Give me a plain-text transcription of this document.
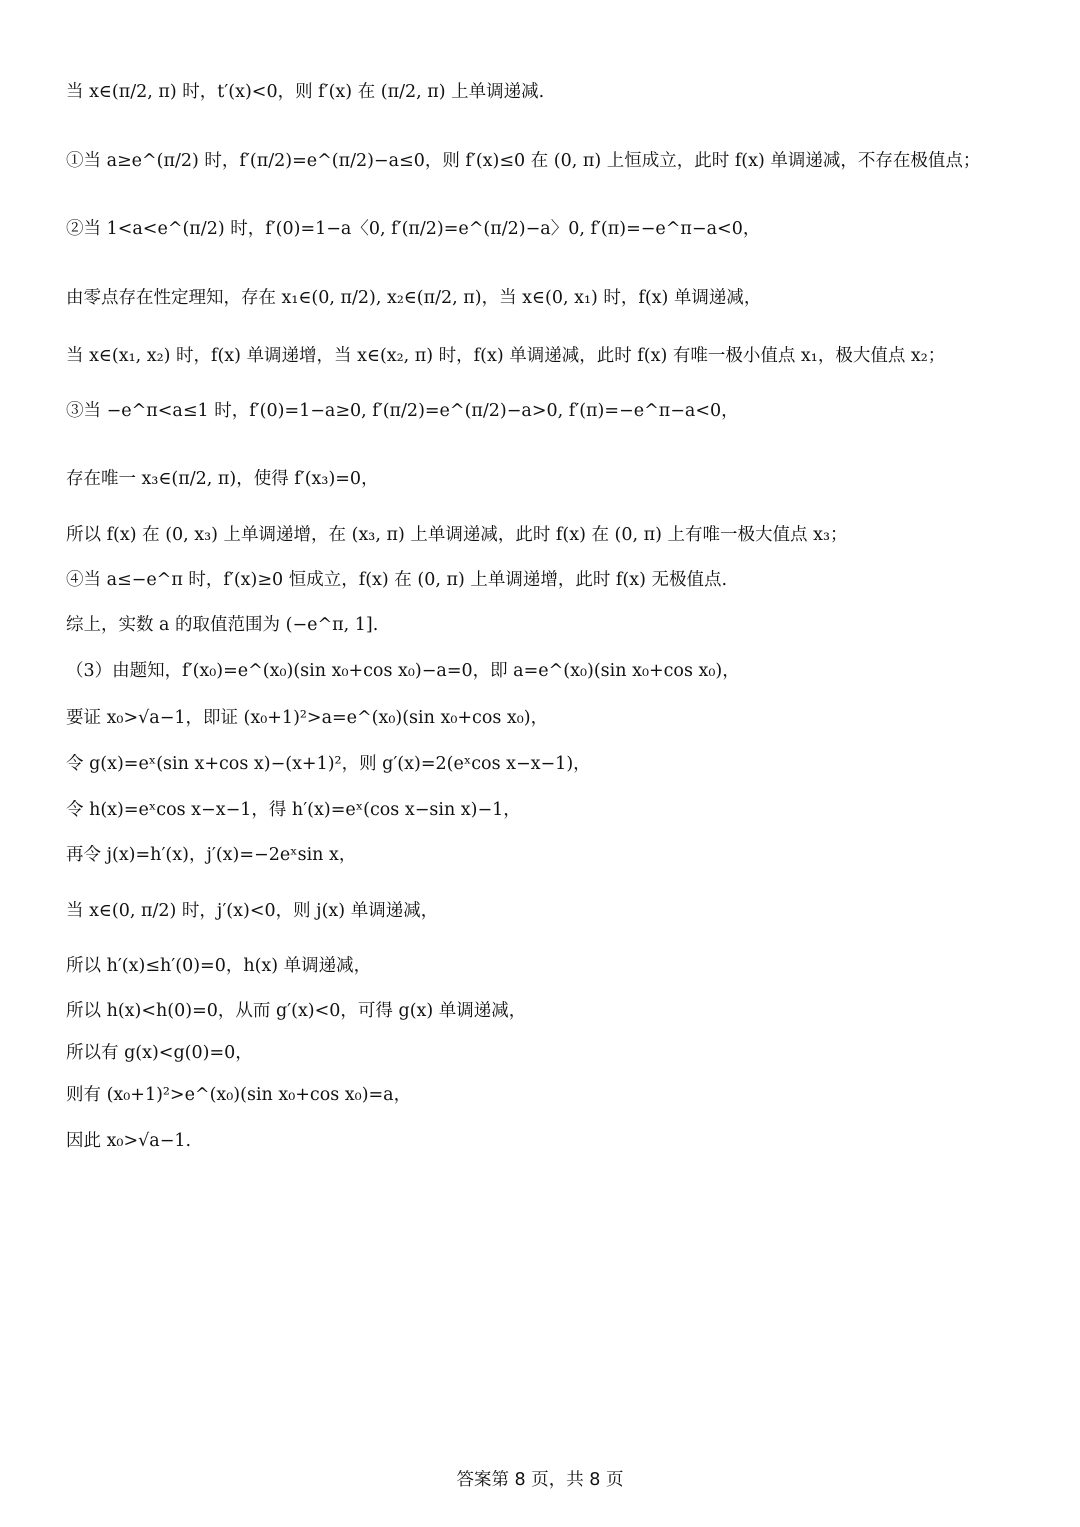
当 x∈(π/2, π) 时，t′(x)<0，则 f′(x) 在 (π/2, π) 上单调递减.
①当 a≥e^(π/2) 时，f′(π/2)=e^(π/2)−a≤0，则 f′(x)≤0 在 (0, π) 上恒成立，此时 f(x) 单调递减，不存在极值点；
②当 1<a<e^(π/2) 时，f′(0)=1−a〈0, f′(π/2)=e^(π/2)−a〉0, f′(π)=−e^π−a<0，
由零点存在性定理知，存在 x₁∈(0, π/2), x₂∈(π/2, π)，当 x∈(0, x₁) 时，f(x) 单调递减，
当 x∈(x₁, x₂) 时，f(x) 单调递增，当 x∈(x₂, π) 时，f(x) 单调递减，此时 f(x) 有唯一极小值点 x₁，极大值点 x₂；
③当 −e^π<a≤1 时，f′(0)=1−a≥0, f′(π/2)=e^(π/2)−a>0, f′(π)=−e^π−a<0，
存在唯一 x₃∈(π/2, π)，使得 f′(x₃)=0，
所以 f(x) 在 (0, x₃) 上单调递增，在 (x₃, π) 上单调递减，此时 f(x) 在 (0, π) 上有唯一极大值点 x₃；
④当 a≤−e^π 时，f′(x)≥0 恒成立，f(x) 在 (0, π) 上单调递增，此时 f(x) 无极值点.
综上，实数 a 的取值范围为 (−e^π, 1].
（3）由题知，f′(x₀)=e^(x₀)(sin x₀+cos x₀)−a=0，即 a=e^(x₀)(sin x₀+cos x₀)，
要证 x₀>√a−1，即证 (x₀+1)²>a=e^(x₀)(sin x₀+cos x₀)，
令 g(x)=eˣ(sin x+cos x)−(x+1)²，则 g′(x)=2(eˣcos x−x−1)，
令 h(x)=eˣcos x−x−1，得 h′(x)=eˣ(cos x−sin x)−1，
再令 j(x)=h′(x)，j′(x)=−2eˣsin x，
当 x∈(0, π/2) 时，j′(x)<0，则 j(x) 单调递减，
所以 h′(x)≤h′(0)=0，h(x) 单调递减，
所以 h(x)<h(0)=0，从而 g′(x)<0，可得 g(x) 单调递减，
所以有 g(x)<g(0)=0，
则有 (x₀+1)²>e^(x₀)(sin x₀+cos x₀)=a，
因此 x₀>√a−1.
答案第 8 页，共 8 页
